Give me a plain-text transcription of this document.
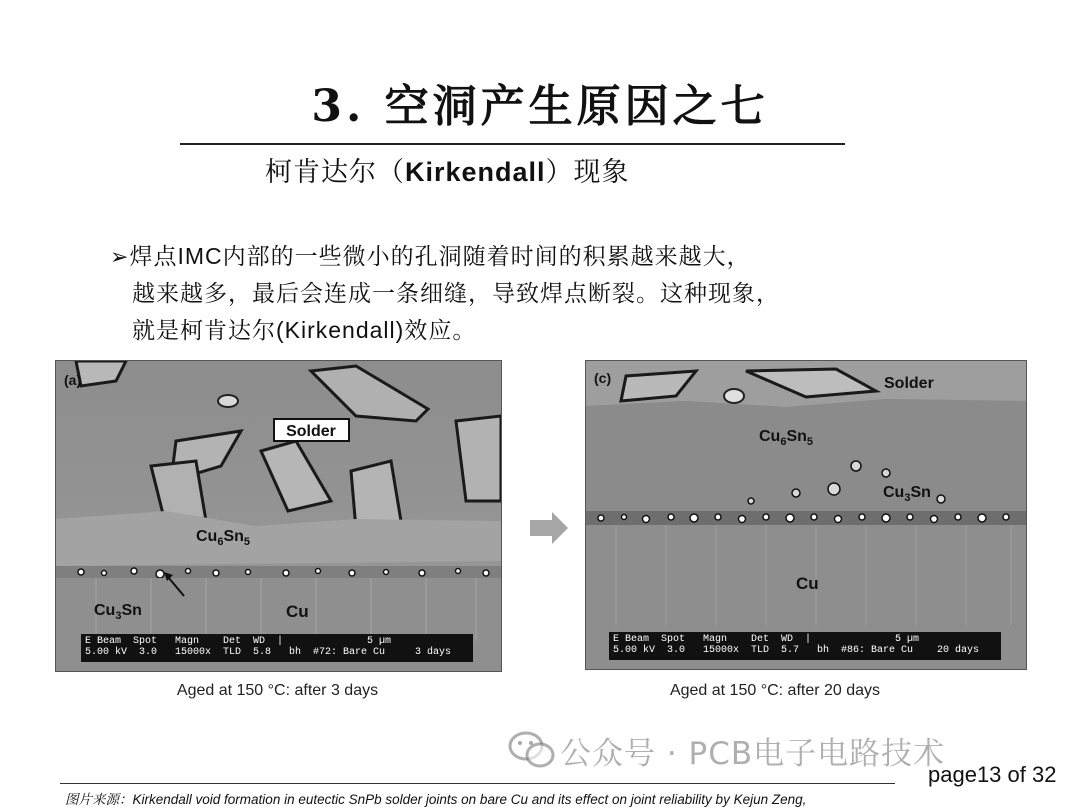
3. 空洞产生原因之七
柯肯达尔（Kirkendall）现象
➢焊点IMC内部的一些微小的孔洞随着时间的积累越来越大，
越来越多，最后会连成一条细缝，导致焊点断裂。这种现象，
就是柯肯达尔(Kirkendall)效应。
(a)
Solder
$Cu_6Sn_5$
$Cu_3Sn$	Cu
E Beam  Spot   Magn    Det  WD  |              5 µm
5.00 kV  3.0   15000x  TLD  5.8   bh  #72: Bare Cu     3 days
Aged at 150 °C: after 3 days
(c)	Solder
$Cu_6Sn_5$
$Cu_3Sn$
Cu
E Beam  Spot   Magn    Det  WD  |              5 µm
5.00 kV  3.0   15000x  TLD  5.7   bh  #86: Bare Cu    20 days
Aged at 150 °C: after 20 days
公众号 · PCB电子电路技术
page13 of 32
图片来源：Kirkendall void formation in eutectic SnPb solder joints on bare Cu and its effect on joint reliability by Kejun Zeng,
